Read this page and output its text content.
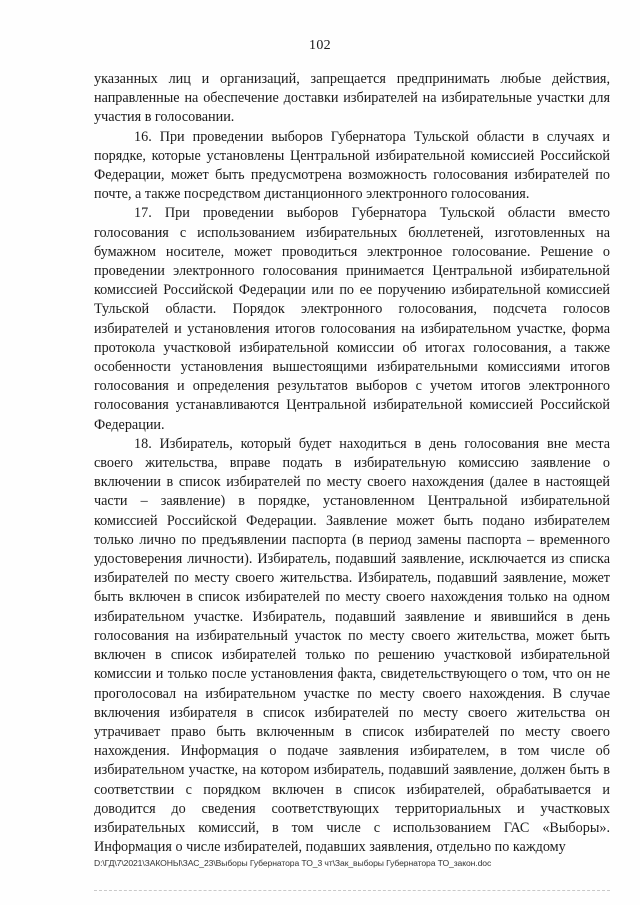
102

указанных лиц и организаций, запрещается предпринимать любые действия, направленные на обеспечение доставки избирателей на избирательные участки для участия в голосовании.

16. При проведении выборов Губернатора Тульской области в случаях и порядке, которые установлены Центральной избирательной комиссией Российской Федерации, может быть предусмотрена возможность голосования избирателей по почте, а также посредством дистанционного электронного голосования.

17. При проведении выборов Губернатора Тульской области вместо голосования с использованием избирательных бюллетеней, изготовленных на бумажном носителе, может проводиться электронное голосование. Решение о проведении электронного голосования принимается Центральной избирательной комиссией Российской Федерации или по ее поручению избирательной комиссией Тульской области. Порядок электронного голосования, подсчета голосов избирателей и установления итогов голосования на избирательном участке, форма протокола участковой избирательной комиссии об итогах голосования, а также особенности установления вышестоящими избирательными комиссиями итогов голосования и определения результатов выборов с учетом итогов электронного голосования устанавливаются Центральной избирательной комиссией Российской Федерации.

18. Избиратель, который будет находиться в день голосования вне места своего жительства, вправе подать в избирательную комиссию заявление о включении в список избирателей по месту своего нахождения (далее в настоящей части – заявление) в порядке, установленном Центральной избирательной комиссией Российской Федерации. Заявление может быть подано избирателем только лично по предъявлении паспорта (в период замены паспорта – временного удостоверения личности). Избиратель, подавший заявление, исключается из списка избирателей по месту своего жительства. Избиратель, подавший заявление, может быть включен в список избирателей по месту своего нахождения только на одном избирательном участке. Избиратель, подавший заявление и явившийся в день голосования на избирательный участок по месту своего жительства, может быть включен в список избирателей только по решению участковой избирательной комиссии и только после установления факта, свидетельствующего о том, что он не проголосовал на избирательном участке по месту своего нахождения. В случае включения избирателя в список избирателей по месту своего жительства он утрачивает право быть включенным в список избирателей по месту своего нахождения. Информация о подаче заявления избирателем, в том числе об избирательном участке, на котором избиратель, подавший заявление, должен быть в соответствии с порядком включен в список избирателей, обрабатывается и доводится до сведения соответствующих территориальных и участковых избирательных комиссий, в том числе с использованием ГАС «Выборы». Информация о числе избирателей, подавших заявления, отдельно по каждому

D:\ГД\7\2021\ЗАКОНЫ\ЗАС_23\Выборы Губернатора ТО_3 чт\Зак_выборы Губернатора ТО_закон.doc
